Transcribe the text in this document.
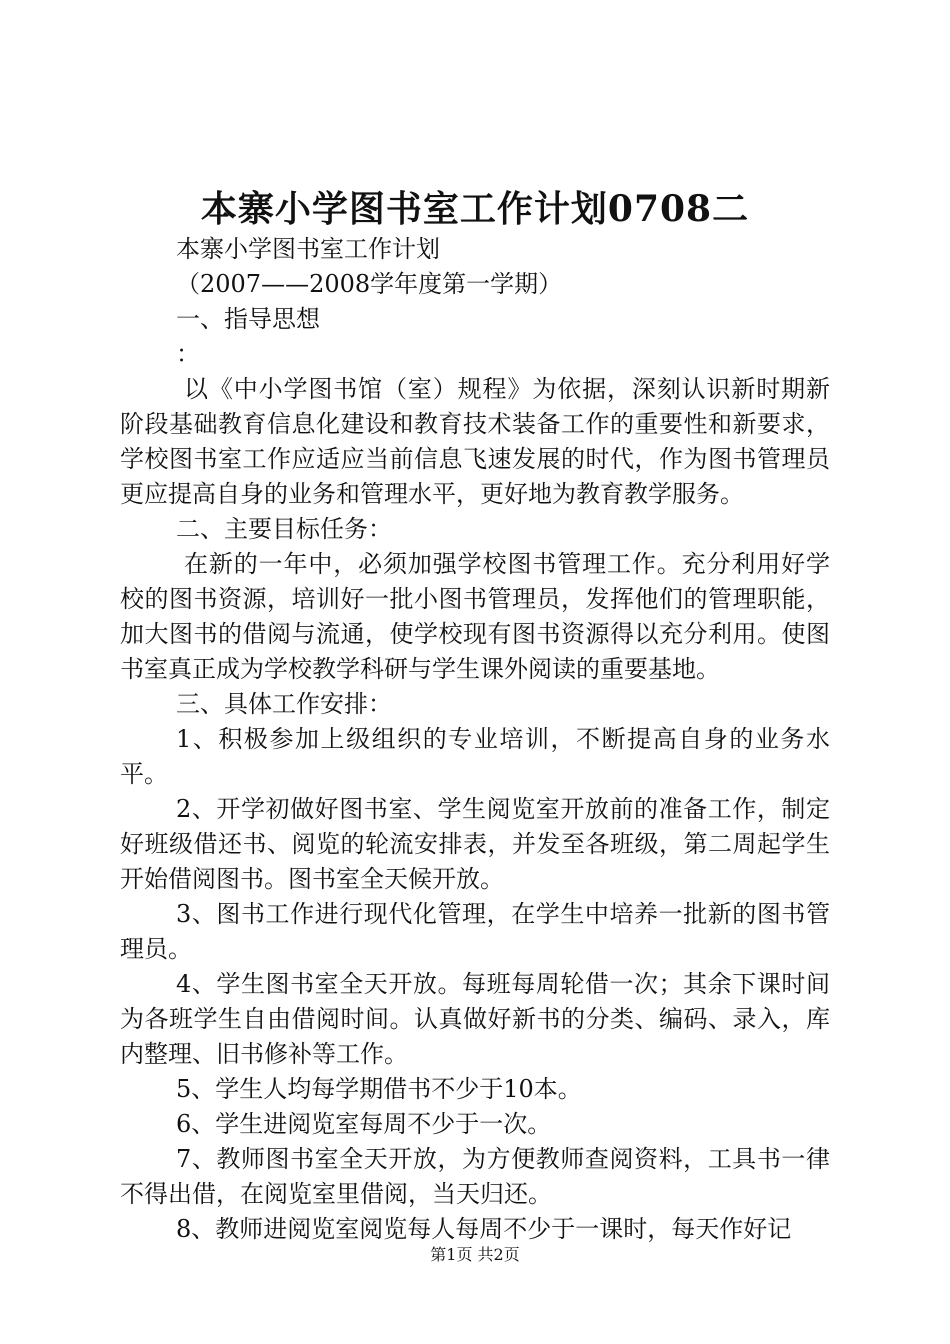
本寨小学图书室工作计划0708二

本寨小学图书室工作计划

（2007——2008学年度第一学期）

一、指导思想

：

以《中小学图书馆（室）规程》为依据，深刻认识新时期新阶段基础教育信息化建设和教育技术装备工作的重要性和新要求，学校图书室工作应适应当前信息飞速发展的时代，作为图书管理员更应提高自身的业务和管理水平，更好地为教育教学服务。

二、主要目标任务：

在新的一年中，必须加强学校图书管理工作。充分利用好学校的图书资源，培训好一批小图书管理员，发挥他们的管理职能，加大图书的借阅与流通，使学校现有图书资源得以充分利用。使图书室真正成为学校教学科研与学生课外阅读的重要基地。

三、具体工作安排：

1、积极参加上级组织的专业培训，不断提高自身的业务水平。

2、开学初做好图书室、学生阅览室开放前的准备工作，制定好班级借还书、阅览的轮流安排表，并发至各班级，第二周起学生开始借阅图书。图书室全天候开放。

3、图书工作进行现代化管理，在学生中培养一批新的图书管理员。

4、学生图书室全天开放。每班每周轮借一次；其余下课时间为各班学生自由借阅时间。认真做好新书的分类、编码、录入，库内整理、旧书修补等工作。

5、学生人均每学期借书不少于10本。

6、学生进阅览室每周不少于一次。

7、教师图书室全天开放，为方便教师查阅资料，工具书一律不得出借，在阅览室里借阅，当天归还。

8、教师进阅览室阅览每人每周不少于一课时，每天作好记

第1页 共2页
